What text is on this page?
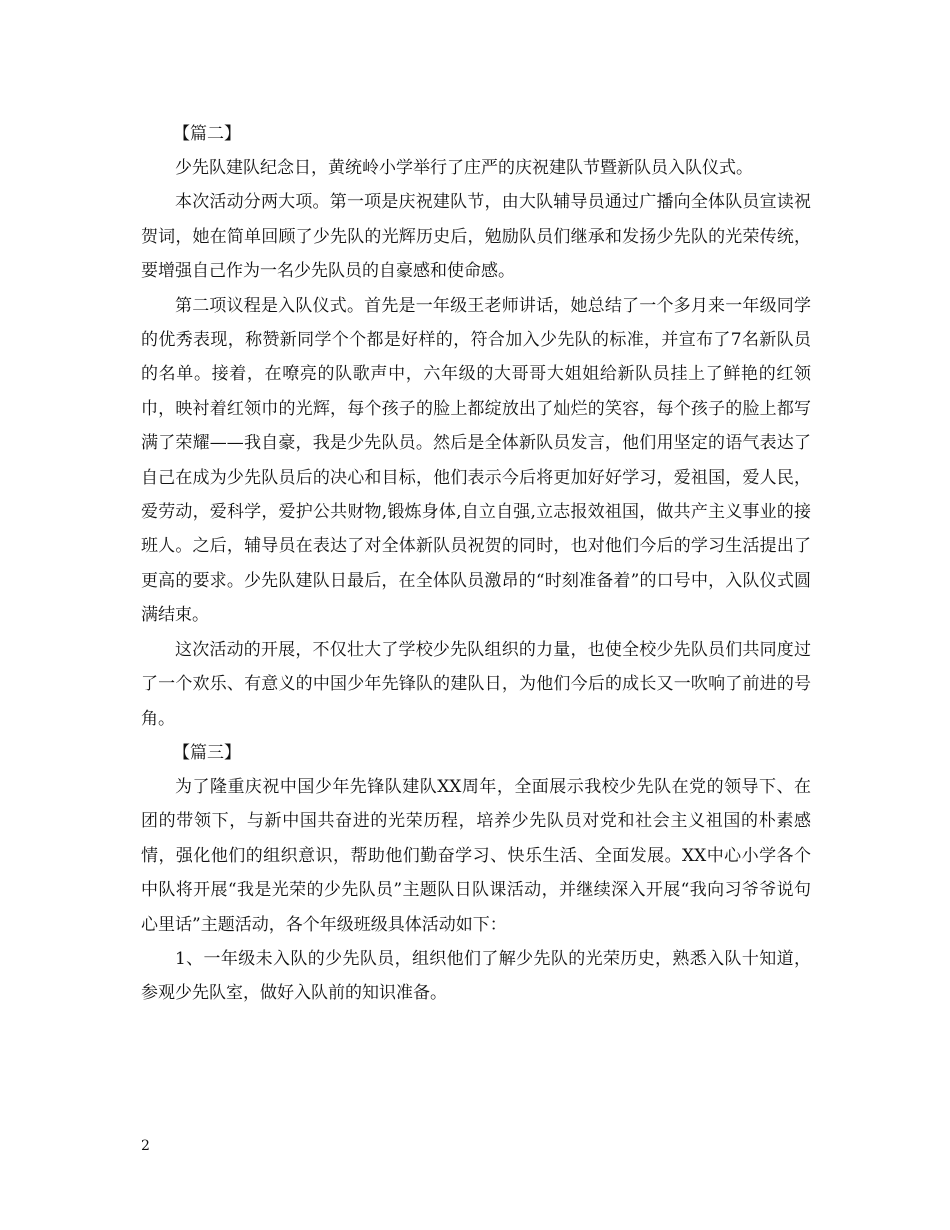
【篇二】

少先队建队纪念日，黄统岭小学举行了庄严的庆祝建队节暨新队员入队仪式。

本次活动分两大项。第一项是庆祝建队节，由大队辅导员通过广播向全体队员宣读祝贺词，她在简单回顾了少先队的光辉历史后，勉励队员们继承和发扬少先队的光荣传统，要增强自己作为一名少先队员的自豪感和使命感。

第二项议程是入队仪式。首先是一年级王老师讲话，她总结了一个多月来一年级同学的优秀表现，称赞新同学个个都是好样的，符合加入少先队的标准，并宣布了7名新队员的名单。接着，在嘹亮的队歌声中，六年级的大哥哥大姐姐给新队员挂上了鲜艳的红领巾，映衬着红领巾的光辉，每个孩子的脸上都绽放出了灿烂的笑容，每个孩子的脸上都写满了荣耀——我自豪，我是少先队员。然后是全体新队员发言，他们用坚定的语气表达了自己在成为少先队员后的决心和目标，他们表示今后将更加好好学习，爱祖国，爱人民，爱劳动，爱科学，爱护公共财物,锻炼身体,自立自强,立志报效祖国，做共产主义事业的接班人。之后，辅导员在表达了对全体新队员祝贺的同时，也对他们今后的学习生活提出了更高的要求。少先队建队日最后，在全体队员激昂的“时刻准备着”的口号中，入队仪式圆满结束。

这次活动的开展，不仅壮大了学校少先队组织的力量，也使全校少先队员们共同度过了一个欢乐、有意义的中国少年先锋队的建队日，为他们今后的成长又一吹响了前进的号角。

【篇三】

为了隆重庆祝中国少年先锋队建队XX周年，全面展示我校少先队在党的领导下、在团的带领下，与新中国共奋进的光荣历程，培养少先队员对党和社会主义祖国的朴素感情，强化他们的组织意识，帮助他们勤奋学习、快乐生活、全面发展。XX中心小学各个中队将开展“我是光荣的少先队员”主题队日队课活动，并继续深入开展“我向习爷爷说句心里话”主题活动，各个年级班级具体活动如下：

1、一年级未入队的少先队员，组织他们了解少先队的光荣历史，熟悉入队十知道，参观少先队室，做好入队前的知识准备。

2
